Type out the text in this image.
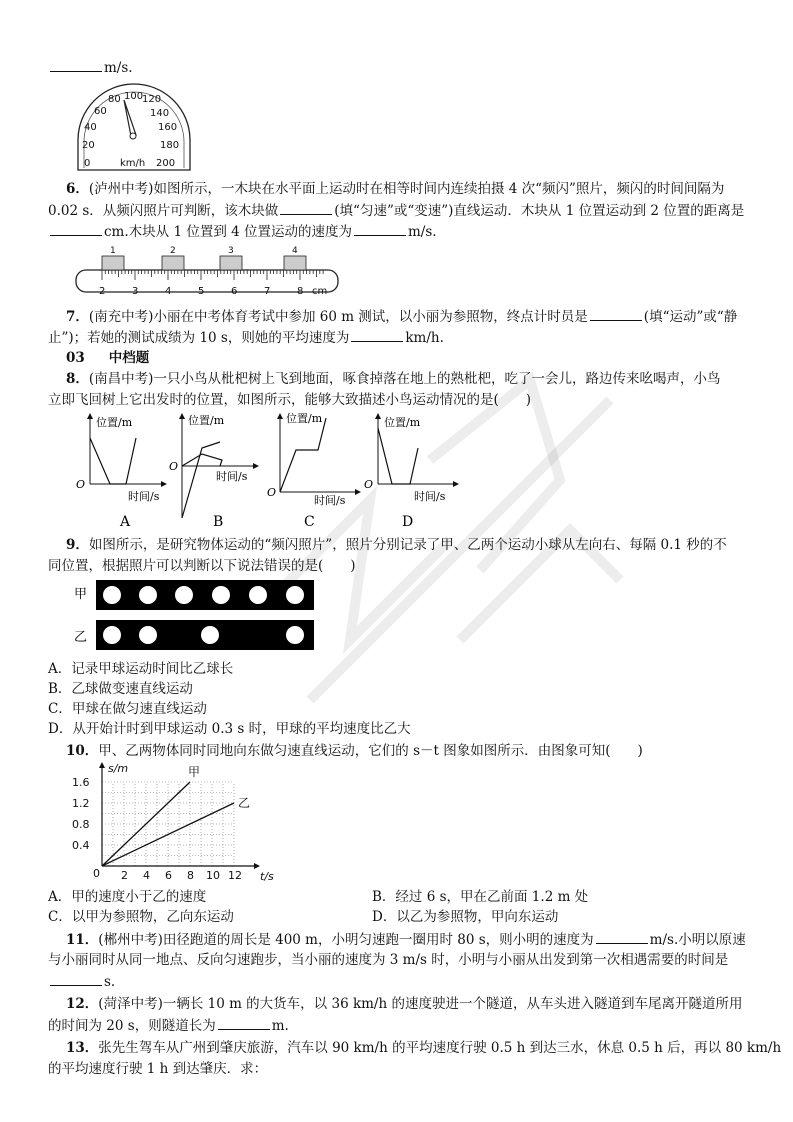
m/s.
0
20
40
60
80 100
120
140
160
180
200
km/h
6．(泸州中考)如图所示，一木块在水平面上运动时在相等时间内连续拍摄 4 次“频闪”照片，频闪的时间间隔为
0.02 s．从频闪照片可判断，该木块做	(填“匀速”或“变速”)直线运动．木块从 1 位置运动到 2 位置的距离是
cm.木块从 1 位置到 4 位置运动的速度为	m/s.
2	3	4	5	6	7	8 cm
1	2	3	4
7．(南充中考)小丽在中考体育考试中参加 60 m 测试，以小丽为参照物，终点计时员是	(填“运动”或“静
止”)；若她的测试成绩为 10 s，则她的平均速度为	km/h.
03 中档题
8．(南昌中考)一只小鸟从枇杷树上飞到地面，啄食掉落在地上的熟枇杷，吃了一会儿，路边传来吆喝声，小鸟
立即飞回树上它出发时的位置，如图所示，能够大致描述小鸟运动情况的是(　　)
位置/m
时间/s
O
A
位置/m
时间/s
O
B
位置/m
时间/s
O
C
位置/m
时间/s
O
D
9．如图所示，是研究物体运动的“频闪照片”，照片分别记录了甲、乙两个运动小球从左向右、每隔 0.1 秒的不
同位置，根据照片可以判断以下说法错误的是(　　)
甲
乙
A．记录甲球运动时间比乙球长
B．乙球做变速直线运动
C．甲球在做匀速直线运动
D．从开始计时到甲球运动 0.3 s 时，甲球的平均速度比乙大
10．甲、乙两物体同时同地向东做匀速直线运动，它们的 s－t 图象如图所示．由图象可知(　　)
2 4 6 8 10 12
0.4
0.8
1.2
1.6
0	t/s
s/m	甲
乙
A．甲的速度小于乙的速度	B．经过 6 s，甲在乙前面 1.2 m 处
C．以甲为参照物，乙向东运动	D．以乙为参照物，甲向东运动
11．(郴州中考)田径跑道的周长是 400 m，小明匀速跑一圈用时 80 s，则小明的速度为	m/s.小明以原速
与小丽同时从同一地点、反向匀速跑步，当小丽的速度为 3 m/s 时，小明与小丽从出发到第一次相遇需要的时间是
s.
12．(菏泽中考)一辆长 10 m 的大货车，以 36 km/h 的速度驶进一个隧道，从车头进入隧道到车尾离开隧道所用
的时间为 20 s，则隧道长为	m.
13．张先生驾车从广州到肇庆旅游，汽车以 90 km/h 的平均速度行驶 0.5 h 到达三水，休息 0.5 h 后，再以 80 km/h
的平均速度行驶 1 h 到达肇庆．求：
